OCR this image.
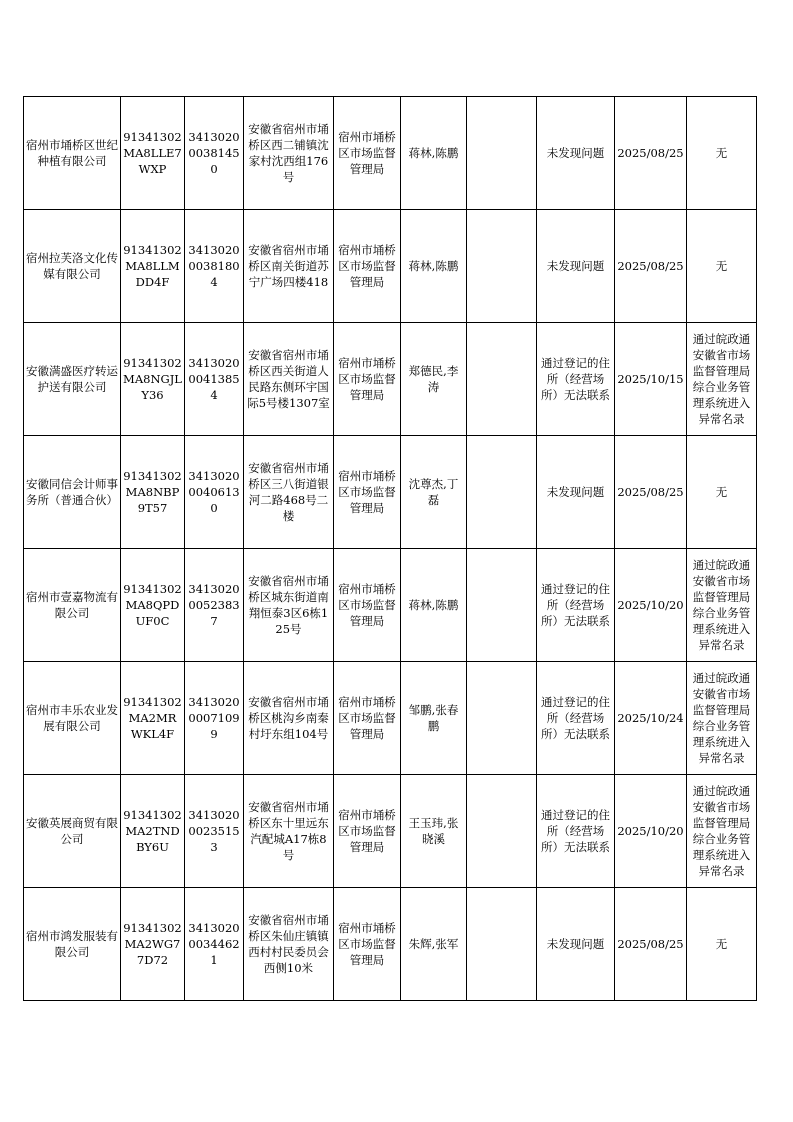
宿州市埇桥区世纪种植有限公司	91341302MA8LLE7WXP	341302000381450	安徽省宿州市埇桥区西二铺镇沈家村沈西组176号	宿州市埇桥区市场监督管理局	蒋林,陈鹏		未发现问题	2025/08/25	无
宿州拉芙洛文化传媒有限公司	91341302MA8LLMDD4F	341302000381804	安徽省宿州市埇桥区南关街道苏宁广场四楼418	宿州市埇桥区市场监督管理局	蒋林,陈鹏		未发现问题	2025/08/25	无
安徽满盛医疗转运护送有限公司	91341302MA8NGJLY36	341302000413854	安徽省宿州市埇桥区西关街道人民路东侧环宇国际5号楼1307室	宿州市埇桥区市场监督管理局	郑德民,李涛		通过登记的住所（经营场所）无法联系	2025/10/15	通过皖政通安徽省市场监督管理局综合业务管理系统进入异常名录
安徽同信会计师事务所（普通合伙）	91341302MA8NBP9T57	341302000406130	安徽省宿州市埇桥区三八街道银河二路468号二楼	宿州市埇桥区市场监督管理局	沈尊杰,丁磊		未发现问题	2025/08/25	无
宿州市壹嘉物流有限公司	91341302MA8QPDUF0C	341302000523837	安徽省宿州市埇桥区城东街道南翔恒泰3区6栋125号	宿州市埇桥区市场监督管理局	蒋林,陈鹏		通过登记的住所（经营场所）无法联系	2025/10/20	通过皖政通安徽省市场监督管理局综合业务管理系统进入异常名录
宿州市丰乐农业发展有限公司	91341302MA2MRWKL4F	341302000071099	安徽省宿州市埇桥区桃沟乡南秦村圩东组104号	宿州市埇桥区市场监督管理局	邹鹏,张春鹏		通过登记的住所（经营场所）无法联系	2025/10/24	通过皖政通安徽省市场监督管理局综合业务管理系统进入异常名录
安徽英展商贸有限公司	91341302MA2TNDBY6U	341302000235153	安徽省宿州市埇桥区东十里远东汽配城A17栋8号	宿州市埇桥区市场监督管理局	王玉玮,张晓溪		通过登记的住所（经营场所）无法联系	2025/10/20	通过皖政通安徽省市场监督管理局综合业务管理系统进入异常名录
宿州市鸿发服装有限公司	91341302MA2WG77D72	341302000344621	安徽省宿州市埇桥区朱仙庄镇镇西村村民委员会西侧10米	宿州市埇桥区市场监督管理局	朱辉,张军		未发现问题	2025/08/25	无
